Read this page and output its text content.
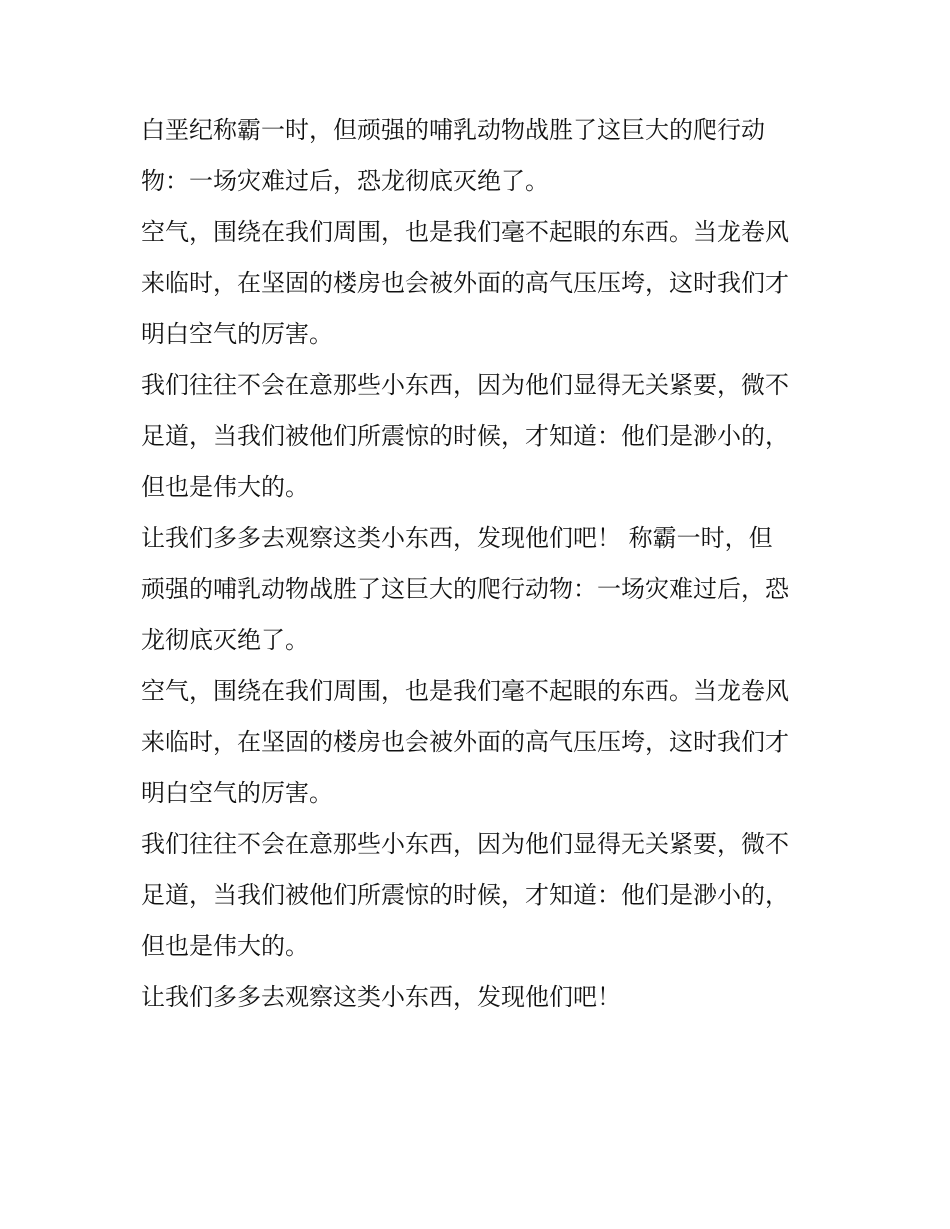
白垩纪称霸一时，但顽强的哺乳动物战胜了这巨大的爬行动
物：一场灾难过后，恐龙彻底灭绝了。

空气，围绕在我们周围，也是我们毫不起眼的东西。当龙卷风
来临时，在坚固的楼房也会被外面的高气压压垮，这时我们才
明白空气的厉害。

我们往往不会在意那些小东西，因为他们显得无关紧要，微不
足道，当我们被他们所震惊的时候，才知道：他们是渺小的，
但也是伟大的。

让我们多多去观察这类小东西，发现他们吧！ 称霸一时，但
顽强的哺乳动物战胜了这巨大的爬行动物：一场灾难过后，恐
龙彻底灭绝了。

空气，围绕在我们周围，也是我们毫不起眼的东西。当龙卷风
来临时，在坚固的楼房也会被外面的高气压压垮，这时我们才
明白空气的厉害。

我们往往不会在意那些小东西，因为他们显得无关紧要，微不
足道，当我们被他们所震惊的时候，才知道：他们是渺小的，
但也是伟大的。

让我们多多去观察这类小东西，发现他们吧！
